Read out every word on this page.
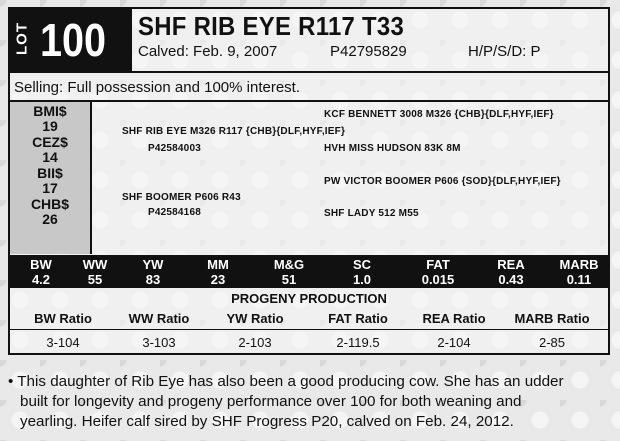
LOT 100 SHF RIB EYE R117 T33
Calved: Feb. 9, 2007	P42795829	H/P/S/D: P
Selling: Full possession and 100% interest.
BMI$
19
CEZ$
14
BII$
17
CHB$
26
KCF BENNETT 3008 M326 {CHB}{DLF,HYF,IEF}
SHF RIB EYE M326 R117 {CHB}{DLF,HYF,IEF}
P42584003	HVH MISS HUDSON 83K 8M
PW VICTOR BOOMER P606 {SOD}{DLF,HYF,IEF}
SHF BOOMER P606 R43
P42584168	SHF LADY 512 M55
BW	WW	YW	MM	M&G	SC	FAT	REA	MARB
4.2	55	83	23	51	1.0	0.015	0.43	0.11
PROGENY PRODUCTION
BW Ratio	WW Ratio	YW Ratio	FAT Ratio	REA Ratio	MARB Ratio
3-104	3-103	2-103	2-119.5	2-104	2-85
• This daughter of Rib Eye has also been a good producing cow. She has an udder
built for longevity and progeny performance over 100 for both weaning and
yearling. Heifer calf sired by SHF Progress P20, calved on Feb. 24, 2012.
